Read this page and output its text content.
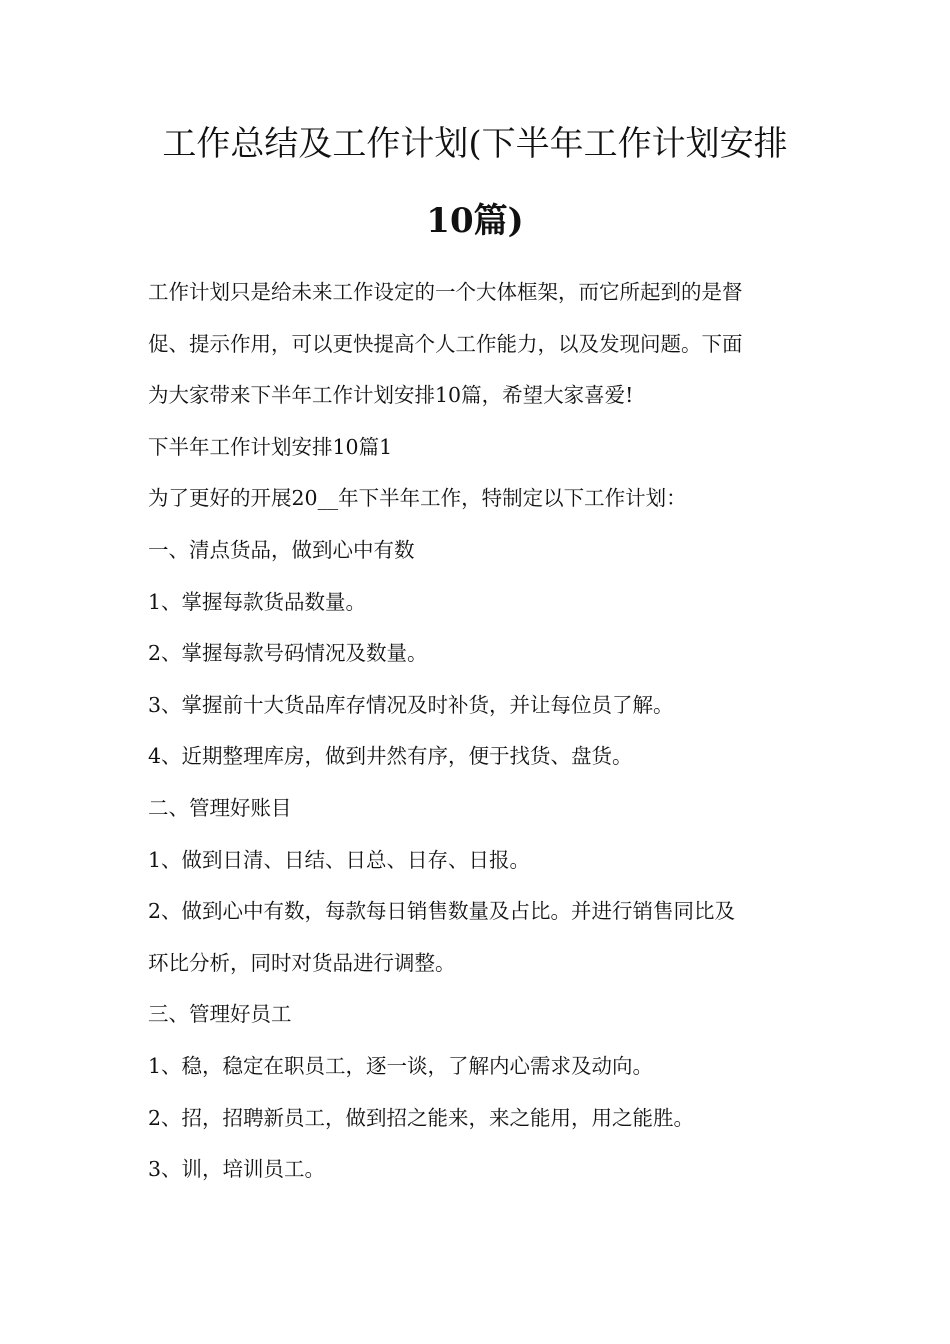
工作总结及工作计划(下半年工作计划安排
10篇)
工作计划只是给未来工作设定的一个大体框架，而它所起到的是督
促、提示作用，可以更快提高个人工作能力，以及发现问题。下面
为大家带来下半年工作计划安排10篇，希望大家喜爱!
下半年工作计划安排10篇1
为了更好的开展20__年下半年工作，特制定以下工作计划：
一、清点货品，做到心中有数
1、掌握每款货品数量。
2、掌握每款号码情况及数量。
3、掌握前十大货品库存情况及时补货，并让每位员了解。
4、近期整理库房，做到井然有序，便于找货、盘货。
二、管理好账目
1、做到日清、日结、日总、日存、日报。
2、做到心中有数，每款每日销售数量及占比。并进行销售同比及
环比分析，同时对货品进行调整。
三、管理好员工
1、稳，稳定在职员工，逐一谈，了解内心需求及动向。
2、招，招聘新员工，做到招之能来，来之能用，用之能胜。
3、训，培训员工。
